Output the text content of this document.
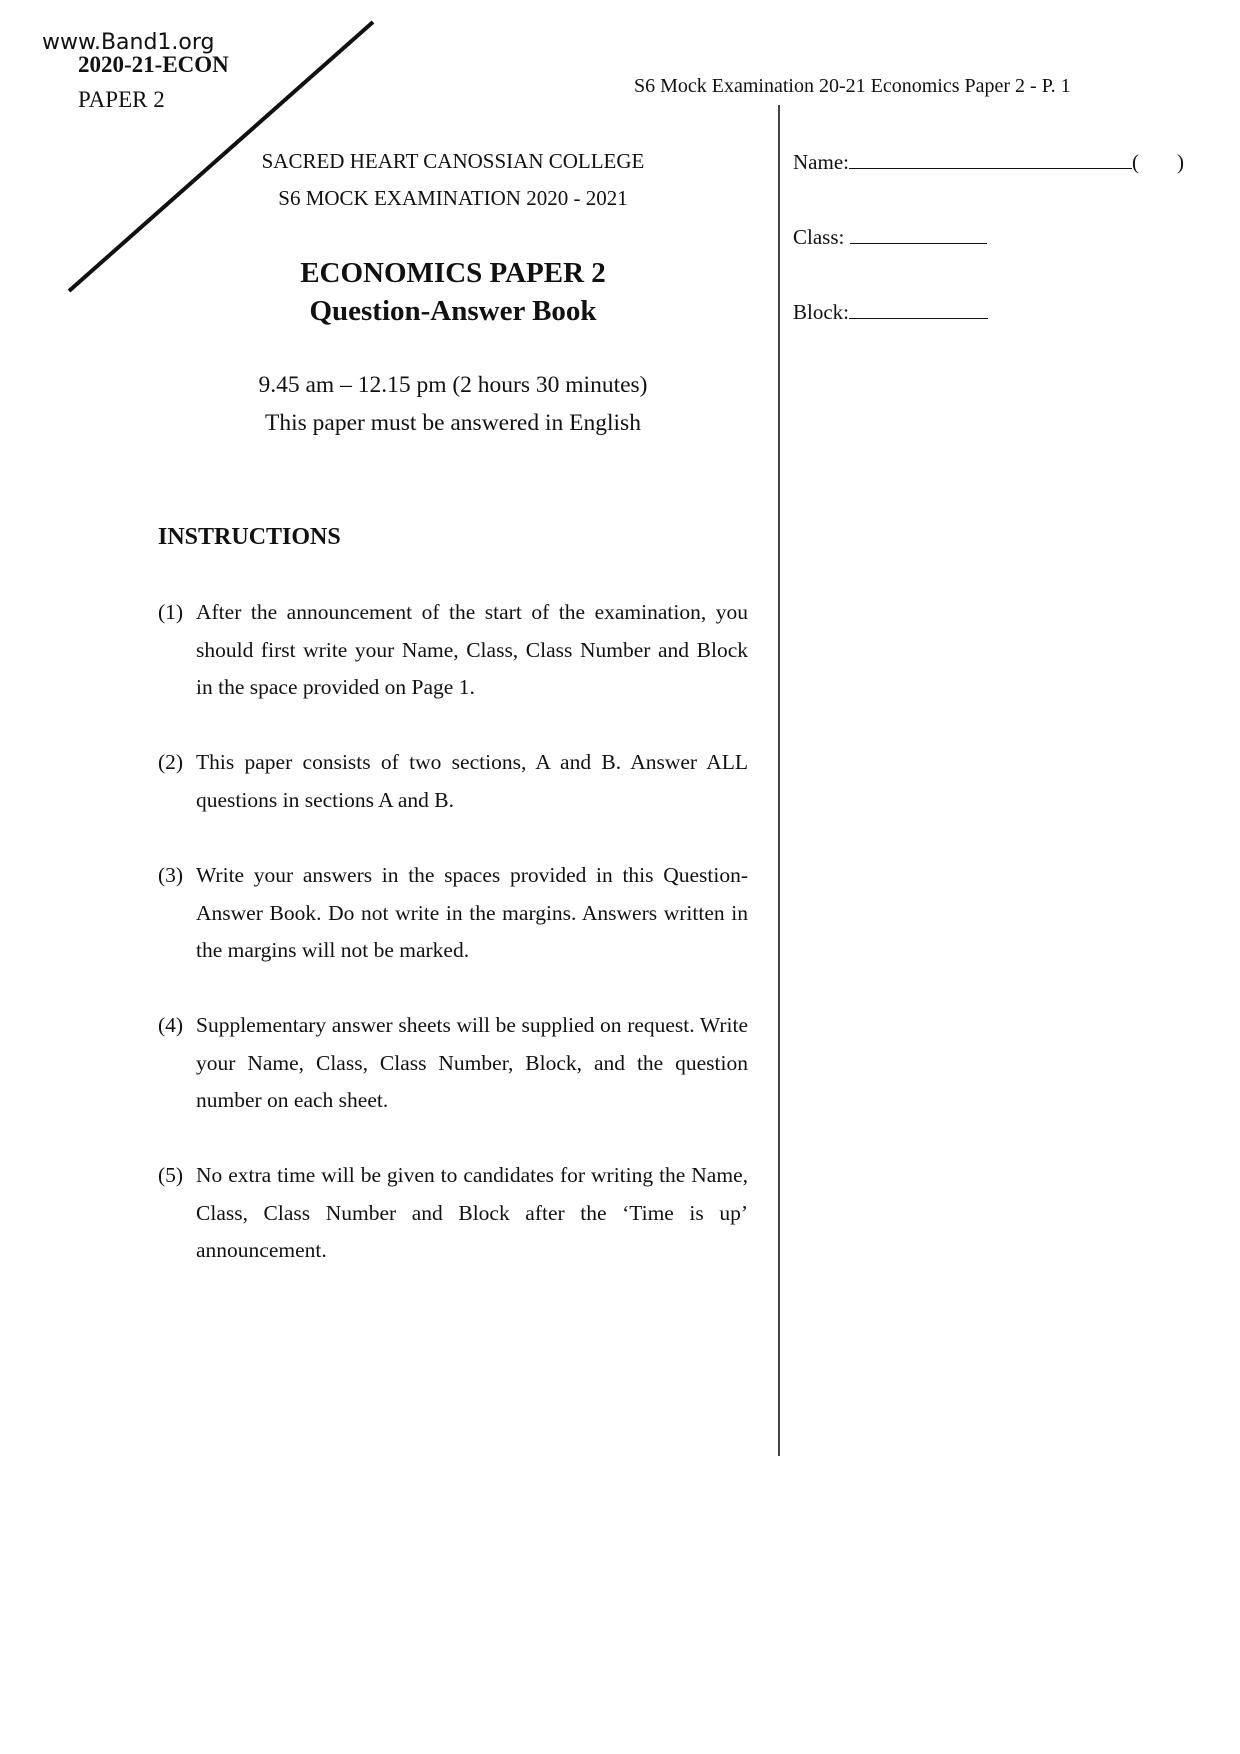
2020-21-ECON
www.Band1.org
PAPER 2
S6 Mock Examination 20-21 Economics Paper 2 - P. 1
SACRED HEART CANOSSIAN COLLEGE
S6 MOCK EXAMINATION 2020 - 2021
ECONOMICS PAPER 2
Question-Answer Book
9.45 am – 12.15 pm (2 hours 30 minutes)
This paper must be answered in English
Name:	( )
Class:
Block:
INSTRUCTIONS
(1) After the announcement of the start of the examination, you should first write your Name, Class, Class Number and Block in the space provided on Page 1.
(2) This paper consists of two sections, A and B. Answer ALL questions in sections A and B.
(3) Write your answers in the spaces provided in this Question-Answer Book. Do not write in the margins. Answers written in the margins will not be marked.
(4) Supplementary answer sheets will be supplied on request. Write your Name, Class, Class Number, Block, and the question number on each sheet.
(5) No extra time will be given to candidates for writing the Name, Class, Class Number and Block after the ‘Time is up’ announcement.
